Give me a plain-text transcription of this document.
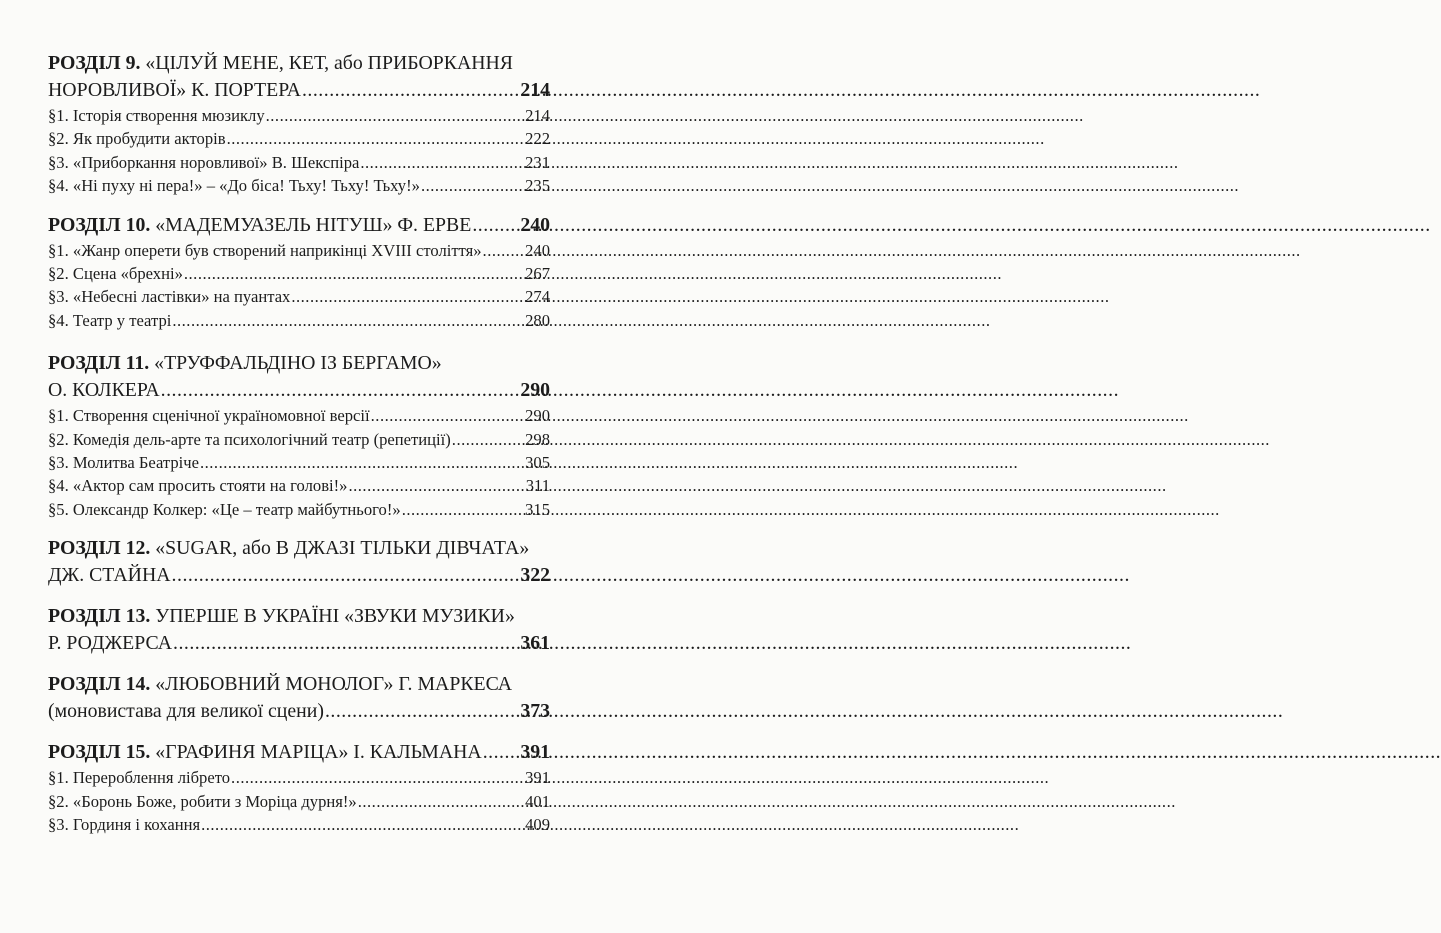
РОЗДІЛ 9. «ЦІЛУЙ МЕНЕ, КЕТ, або ПРИБОРКАННЯ
НОРОВЛИВОЇ» К. ПОРТЕРА .....	214
§1. Історія створення мюзиклу .....	214
§2. Як пробудити акторів .....	222
§3. «Приборкання норовливої» В. Шекспіра .....	231
§4. «Ні пуху ні пера!» – «До біса! Тьху! Тьху! Тьху!» .....	235
РОЗДІЛ 10. «МАДЕМУАЗЕЛЬ НІТУШ» Ф. ЕРВЕ ..... 240
§1. «Жанр оперети був створений наприкінці XVIII століття» .....	240
§2. Сцена «брехні» .....	267
§3. «Небесні ластівки» на пуантах .....	274
§4. Театр у театрі .....	280
РОЗДІЛ 11. «ТРУФФАЛЬДІНО ІЗ БЕРГАМО»
О. КОЛКЕРА .....	290
§1. Створення сценічної україномовної версії .....	290
§2. Комедія дель-арте та психологічний театр (репетиції) .....	298
§3. Молитва Беатріче .....	305
§4. «Актор сам просить стояти на голові!» .....	311
§5. Олександр Колкер: «Це – театр майбутнього!» .....	315
РОЗДІЛ 12. «SUGAR, або В ДЖАЗІ ТІЛЬКИ ДІВЧАТА»
ДЖ. СТАЙНА .....	322
РОЗДІЛ 13. УПЕРШЕ В УКРАЇНІ «ЗВУКИ МУЗИКИ»
Р. РОДЖЕРСА .....	361
РОЗДІЛ 14. «ЛЮБОВНИЙ МОНОЛОГ» Г. МАРКЕСА
(моновистава для великої сцени) .....	373
РОЗДІЛ 15. «ГРАФИНЯ МАРІЦА» І. КАЛЬМАНА ..... 391
§1. Перероблення лібрето .....	391
§2. «Боронь Боже, робити з Моріца дурня!» .....	401
§3. Гординя і кохання .....	409
